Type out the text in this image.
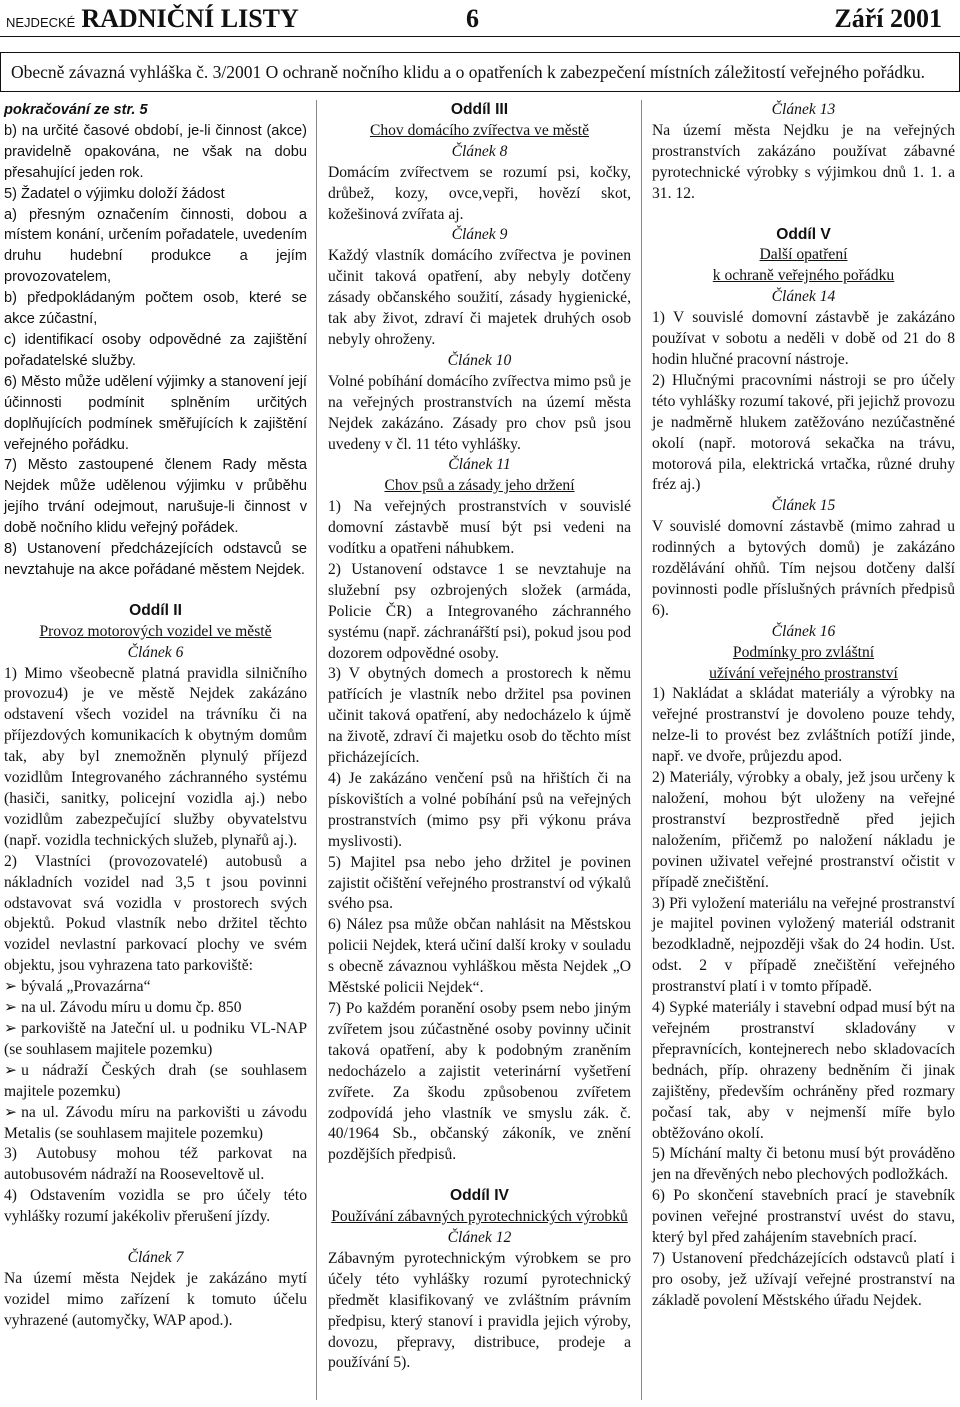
NEJDECKÉ RADNIČNÍ LISTY	6	Září 2001
Obecně závazná vyhláška č. 3/2001 O ochraně nočního klidu a o opatřeních k zabezpečení místních záležitostí veřejného pořádku.

pokračování ze str. 5

b) na určité časové období, je-li činnost (akce) pravidelně opakována, ne však na dobu přesahující jeden rok.

5) Žadatel o výjimku doloží žádost

a) přesným označením činnosti, dobou a místem konání, určením pořadatele, uvedením druhu hudební produkce a jejím provozovatelem,

b) předpokládaným počtem osob, které se akce zúčastní,

c) identifikací osoby odpovědné za zajištění pořadatelské služby.

6) Město může udělení výjimky a stanovení její účinnosti podmínit splněním určitých doplňujících podmínek směřujících k zajištění veřejného pořádku.

7) Město zastoupené členem Rady města Nejdek může udělenou výjimku v průběhu jejího trvání odejmout, narušuje-li činnost v době nočního klidu veřejný pořádek.

8) Ustanovení předcházejících odstavců se nevztahuje na akce pořádané městem Nejdek.

Oddíl II

Provoz motorových vozidel ve městě

Článek 6

1) Mimo všeobecně platná pravidla silničního provozu4) je ve městě Nejdek zakázáno odstavení všech vozidel na trávníku či na příjezdových komunikacích k obytným domům tak, aby byl znemožněn plynulý příjezd vozidlům Integrovaného záchranného systému (hasiči, sanitky, policejní vozidla aj.) nebo vozidlům zabezpečující služby obyvatelstvu (např. vozidla technických služeb, plynařů aj.).

2) Vlastníci (provozovatelé) autobusů a nákladních vozidel nad 3,5 t jsou povinni odstavovat svá vozidla v prostorech svých objektů. Pokud vlastník nebo držitel těchto vozidel nevlastní parkovací plochy ve svém objektu, jsou vyhrazena tato parkoviště:

➢ bývalá „Provazárna“

➢ na ul. Závodu míru u domu čp. 850

➢ parkoviště na Jateční ul. u podniku VL-NAP (se souhlasem majitele pozemku)

➢ u nádraží Českých drah (se souhlasem majitele pozemku)

➢ na ul. Závodu míru na parkovišti u závodu Metalis (se souhlasem majitele pozemku)

3) Autobusy mohou též parkovat na autobusovém nádraží na Rooseveltově ul.

4) Odstavením vozidla se pro účely této vyhlášky rozumí jakékoliv přerušení jízdy.

Článek 7

Na území města Nejdek je zakázáno mytí vozidel mimo zařízení k tomuto účelu vyhrazené (automyčky, WAP apod.).

Oddíl III

Chov domácího zvířectva ve městě

Článek 8

Domácím zvířectvem se rozumí psi, kočky, drůbež, kozy, ovce,vepři, hovězí skot, kožešinová zvířata aj.

Článek 9

Každý vlastník domácího zvířectva je povinen učinit taková opatření, aby nebyly dotčeny zásady občanského soužití, zásady hygienické, tak aby život, zdraví či majetek druhých osob nebyly ohroženy.

Článek 10

Volné pobíhání domácího zvířectva mimo psů je na veřejných prostranstvích na území města Nejdek zakázáno. Zásady pro chov psů jsou uvedeny v čl. 11 této vyhlášky.

Článek 11

Chov psů a zásady jeho držení

1) Na veřejných prostranstvích v souvislé domovní zástavbě musí být psi vedeni na vodítku a opatřeni náhubkem.

2) Ustanovení odstavce 1 se nevztahuje na služební psy ozbrojených složek (armáda, Policie ČR) a Integrovaného záchranného systému (např. záchranářští psi), pokud jsou pod dozorem odpovědné osoby.

3) V obytných domech a prostorech k němu patřících je vlastník nebo držitel psa povinen učinit taková opatření, aby nedocházelo k újmě na životě, zdraví či majetku osob do těchto míst přicházejících.

4) Je zakázáno venčení psů na hřištích či na pískovištích a volné pobíhání psů na veřejných prostranstvích (mimo psy při výkonu práva myslivosti).

5) Majitel psa nebo jeho držitel je povinen zajistit očištění veřejného prostranství od výkalů svého psa.

6) Nález psa může občan nahlásit na Městskou policii Nejdek, která učiní další kroky v souladu s obecně závaznou vyhláškou města Nejdek „O Městské policii Nejdek“.

7) Po každém poranění osoby psem nebo jiným zvířetem jsou zúčastněné osoby povinny učinit taková opatření, aby k podobným zraněním nedocházelo a zajistit veterinární vyšetření zvířete. Za škodu způsobenou zvířetem zodpovídá jeho vlastník ve smyslu zák. č. 40/1964 Sb., občanský zákoník, ve znění pozdějších předpisů.

Oddíl IV

Používání zábavných pyrotechnických výrobků

Článek 12

Zábavným pyrotechnickým výrobkem se pro účely této vyhlášky rozumí pyrotechnický předmět klasifikovaný ve zvláštním právním předpisu, který stanoví i pravidla jejich výroby, dovozu, přepravy, distribuce, prodeje a používání 5).

Článek 13

Na území města Nejdku je na veřejných prostranstvích zakázáno používat zábavné pyrotechnické výrobky s výjimkou dnů 1. 1. a 31. 12.

Oddíl V

Další opatření

k ochraně veřejného pořádku

Článek 14

1) V souvislé domovní zástavbě je zakázáno používat v sobotu a neděli v době od 21 do 8 hodin hlučné pracovní nástroje.

2) Hlučnými pracovními nástroji se pro účely této vyhlášky rozumí takové, při jejichž provozu je nadměrně hlukem zatěžováno nezúčastněné okolí (např. motorová sekačka na trávu, motorová pila, elektrická vrtačka, různé druhy fréz aj.)

Článek 15

V souvislé domovní zástavbě (mimo zahrad u rodinných a bytových domů) je zakázáno rozdělávání ohňů. Tím nejsou dotčeny další povinnosti podle příslušných právních předpisů 6).

Článek 16

Podmínky pro zvláštní

užívání veřejného prostranství

1) Nakládat a skládat materiály a výrobky na veřejné prostranství je dovoleno pouze tehdy, nelze-li to provést bez zvláštních potíží jinde, např. ve dvoře, průjezdu apod.

2) Materiály, výrobky a obaly, jež jsou určeny k naložení, mohou být uloženy na veřejné prostranství bezprostředně před jejich naložením, přičemž po naložení nákladu je povinen uživatel veřejné prostranství očistit v případě znečištění.

3) Při vyložení materiálu na veřejné prostranství je majitel povinen vyložený materiál odstranit bezodkladně, nejpozději však do 24 hodin. Ust. odst. 2 v případě znečištění veřejného prostranství platí i v tomto případě.

4) Sypké materiály i stavební odpad musí být na veřejném prostranství skladovány v přepravnících, kontejnerech nebo skladovacích bednách, příp. ohrazeny bedněním či jinak zajištěny, především ochráněny před rozmary počasí tak, aby v nejmenší míře bylo obtěžováno okolí.

5) Míchání malty či betonu musí být prováděno jen na dřevěných nebo plechových podložkách.

6) Po skončení stavebních prací je stavebník povinen veřejné prostranství uvést do stavu, který byl před zahájením stavebních prací.

7) Ustanovení předcházejících odstavců platí i pro osoby, jež užívají veřejné prostranství na základě povolení Městského úřadu Nejdek.
